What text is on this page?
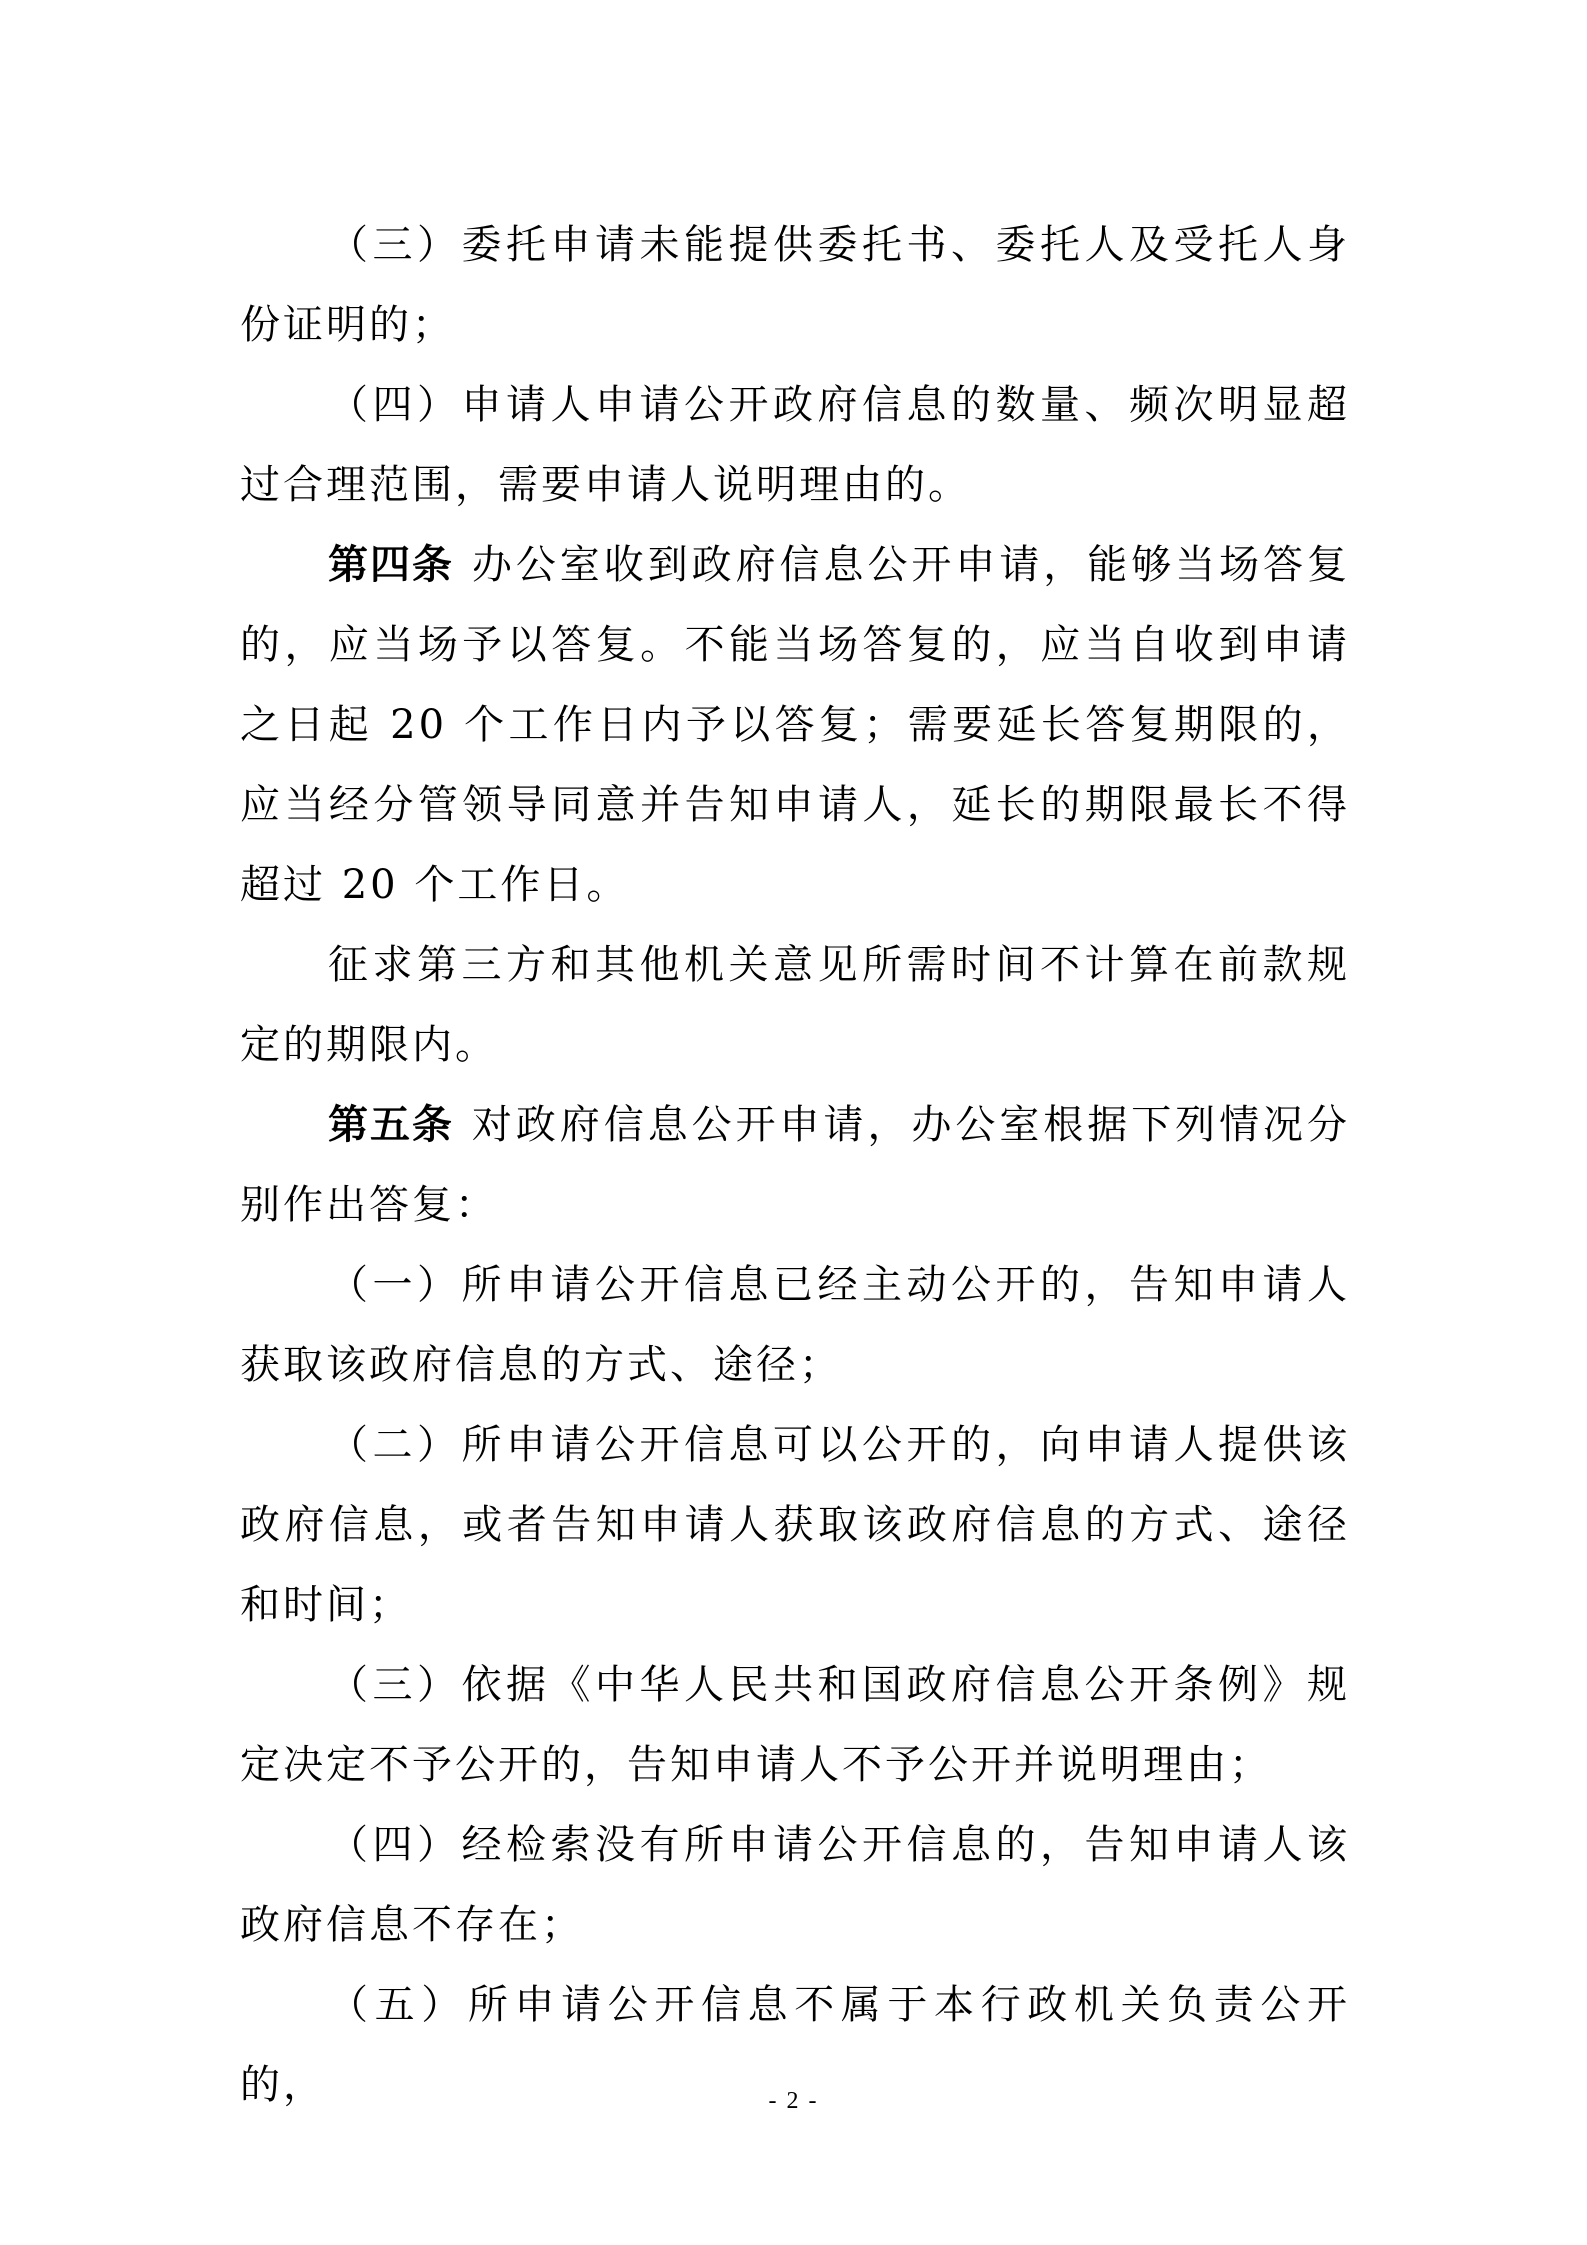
（三）委托申请未能提供委托书、委托人及受托人身份证明的；

（四）申请人申请公开政府信息的数量、频次明显超过合理范围，需要申请人说明理由的。

第四条 办公室收到政府信息公开申请，能够当场答复的，应当场予以答复。不能当场答复的，应当自收到申请之日起 20 个工作日内予以答复；需要延长答复期限的，应当经分管领导同意并告知申请人，延长的期限最长不得超过 20 个工作日。

征求第三方和其他机关意见所需时间不计算在前款规定的期限内。

第五条 对政府信息公开申请，办公室根据下列情况分别作出答复：

（一）所申请公开信息已经主动公开的，告知申请人获取该政府信息的方式、途径；

（二）所申请公开信息可以公开的，向申请人提供该政府信息，或者告知申请人获取该政府信息的方式、途径和时间；

（三）依据《中华人民共和国政府信息公开条例》规定决定不予公开的，告知申请人不予公开并说明理由；

（四）经检索没有所申请公开信息的，告知申请人该政府信息不存在；

（五）所申请公开信息不属于本行政机关负责公开的，	- 2 -
